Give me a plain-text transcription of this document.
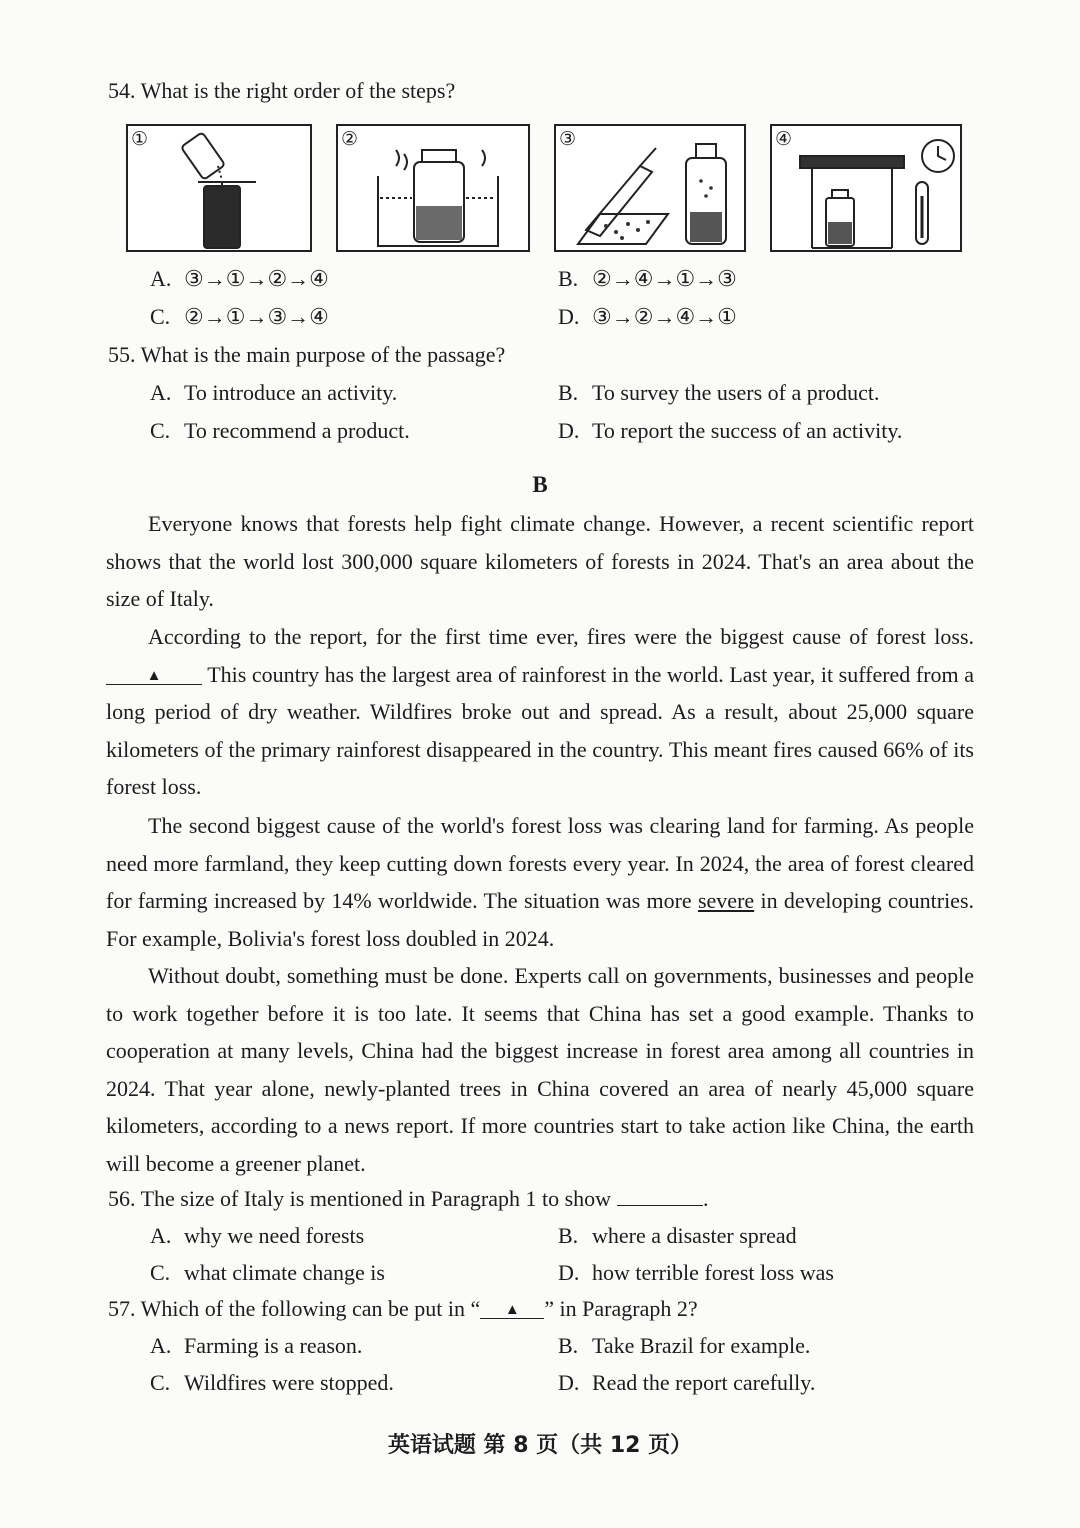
54. What is the right order of the steps?
①	②	③	④
A. ③→①→②→④	B. ②→④→①→③
C. ②→①→③→④	D. ③→②→④→①
55. What is the main purpose of the passage?
A. To introduce an activity.	B. To survey the users of a product.
C. To recommend a product.	D. To report the success of an activity.
B

Everyone knows that forests help fight climate change. However, a recent scientific report shows that the world lost 300,000 square kilometers of forests in 2024. That's an area about the size of Italy.

According to the report, for the first time ever, fires were the biggest cause of forest loss. ▲ This country has the largest area of rainforest in the world. Last year, it suffered from a long period of dry weather. Wildfires broke out and spread. As a result, about 25,000 square kilometers of the primary rainforest disappeared in the country. This meant fires caused 66% of its forest loss.

The second biggest cause of the world's forest loss was clearing land for farming. As people need more farmland, they keep cutting down forests every year. In 2024, the area of forest cleared for farming increased by 14% worldwide. The situation was more severe in developing countries. For example, Bolivia's forest loss doubled in 2024.

Without doubt, something must be done. Experts call on governments, businesses and people to work together before it is too late. It seems that China has set a good example. Thanks to cooperation at many levels, China had the biggest increase in forest area among all countries in 2024. That year alone, newly-planted trees in China covered an area of nearly 45,000 square kilometers, according to a news report. If more countries start to take action like China, the earth will become a greener planet.

56. The size of Italy is mentioned in Paragraph 1 to show	.
A. why we need forests	B. where a disaster spread
C. what climate change is	D. how terrible forest loss was
57. Which of the following can be put in “ ▲ ” in Paragraph 2?
A. Farming is a reason.	B. Take Brazil for example.
C. Wildfires were stopped.	D. Read the report carefully.
英语试题 第 8 页（共 12 页）
